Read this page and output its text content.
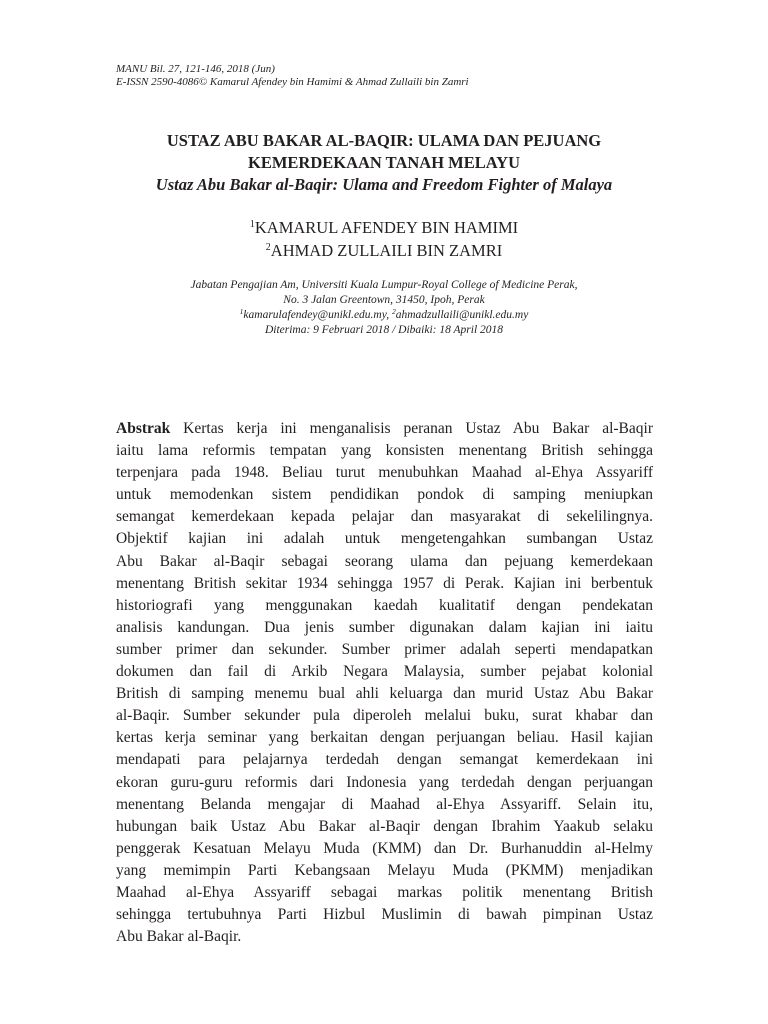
MANU Bil. 27, 121-146, 2018 (Jun)
E-ISSN 2590-4086© Kamarul Afendey bin Hamimi & Ahmad Zullaili bin Zamri
USTAZ ABU BAKAR AL-BAQIR: ULAMA DAN PEJUANG
KEMERDEKAAN TANAH MELAYU
Ustaz Abu Bakar al-Baqir: Ulama and Freedom Fighter of Malaya
$^1$KAMARUL AFENDEY BIN HAMIMI
$^2$AHMAD ZULLAILI BIN ZAMRI
Jabatan Pengajian Am, Universiti Kuala Lumpur-Royal College of Medicine Perak,
No. 3 Jalan Greentown, 31450, Ipoh, Perak
$^1$kamarulafendey@unikl.edu.my, $^2$ahmadzullaili@unikl.edu.my
Diterima: 9 Februari 2018 / Dibaiki: 18 April 2018
Abstrak Kertas kerja ini menganalisis peranan Ustaz Abu Bakar al-Baqir
iaitu lama reformis tempatan yang konsisten menentang British sehingga
terpenjara pada 1948. Beliau turut menubuhkan Maahad al-Ehya Assyariff
untuk memodenkan sistem pendidikan pondok di samping meniupkan
semangat kemerdekaan kepada pelajar dan masyarakat di sekelilingnya.
Objektif kajian ini adalah untuk mengetengahkan sumbangan Ustaz
Abu Bakar al-Baqir sebagai seorang ulama dan pejuang kemerdekaan
menentang British sekitar 1934 sehingga 1957 di Perak. Kajian ini berbentuk
historiografi yang menggunakan kaedah kualitatif dengan pendekatan
analisis kandungan. Dua jenis sumber digunakan dalam kajian ini iaitu
sumber primer dan sekunder. Sumber primer adalah seperti mendapatkan
dokumen dan fail di Arkib Negara Malaysia, sumber pejabat kolonial
British di samping menemu bual ahli keluarga dan murid Ustaz Abu Bakar
al-Baqir. Sumber sekunder pula diperoleh melalui buku, surat khabar dan
kertas kerja seminar yang berkaitan dengan perjuangan beliau. Hasil kajian
mendapati para pelajarnya terdedah dengan semangat kemerdekaan ini
ekoran guru-guru reformis dari Indonesia yang terdedah dengan perjuangan
menentang Belanda mengajar di Maahad al-Ehya Assyariff. Selain itu,
hubungan baik Ustaz Abu Bakar al-Baqir dengan Ibrahim Yaakub selaku
penggerak Kesatuan Melayu Muda (KMM) dan Dr. Burhanuddin al-Helmy
yang memimpin Parti Kebangsaan Melayu Muda (PKMM) menjadikan
Maahad al-Ehya Assyariff sebagai markas politik menentang British
sehingga tertubuhnya Parti Hizbul Muslimin di bawah pimpinan Ustaz
Abu Bakar al-Baqir.
